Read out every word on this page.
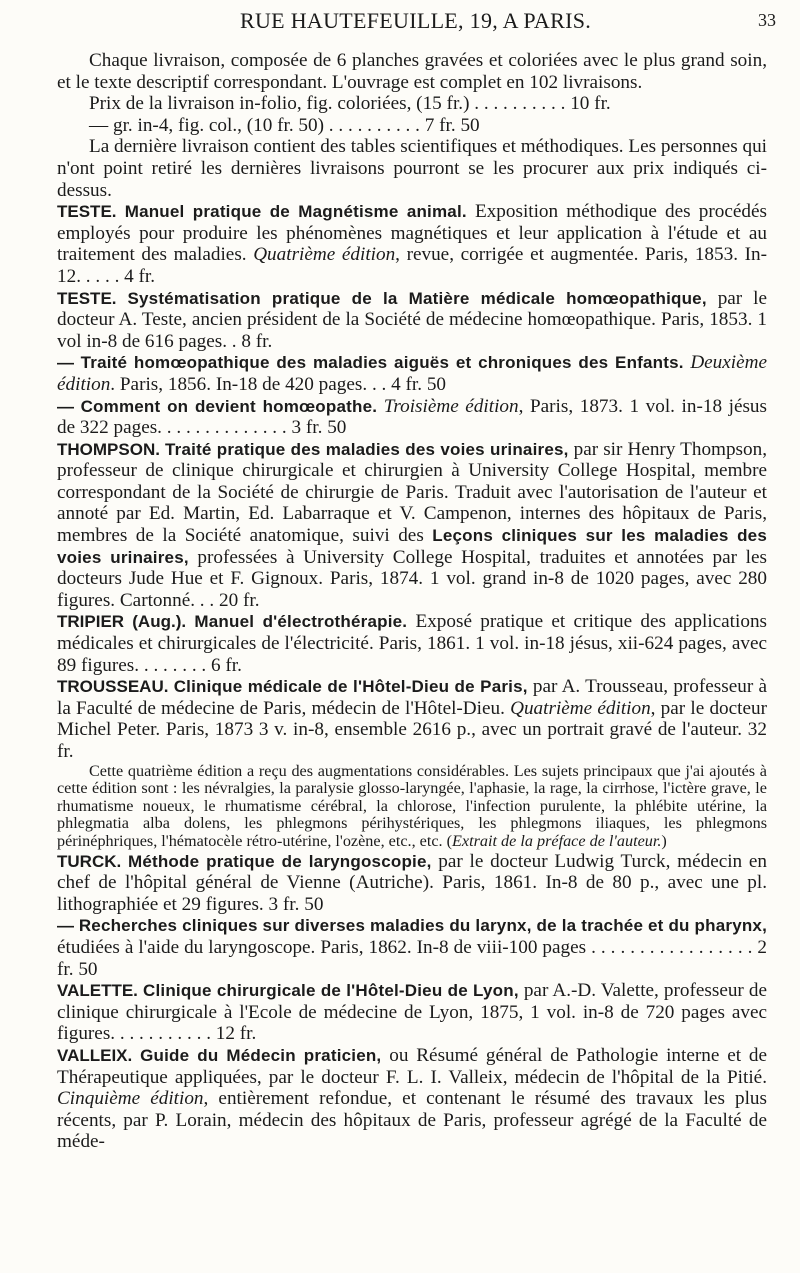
RUE HAUTEFEUILLE, 19, A PARIS.	33

Chaque livraison, composée de 6 planches gravées et coloriées avec le plus grand soin, et le texte descriptif correspondant. L'ouvrage est complet en 102 livraisons.

Prix de la livraison in-folio, fig. coloriées, (15 fr.) . . . . . . . . . . 10 fr.

— gr. in-4, fig. col., (10 fr. 50) . . . . . . . . . . 7 fr. 50

La dernière livraison contient des tables scientifiques et méthodiques. Les personnes qui n'ont point retiré les dernières livraisons pourront se les procurer aux prix indiqués ci-dessus.

TESTE. Manuel pratique de Magnétisme animal. Exposition méthodique des procédés employés pour produire les phénomènes magnétiques et leur application à l'étude et au traitement des maladies. Quatrième édition, revue, corrigée et augmentée. Paris, 1853. In-12. . . . . 4 fr.

TESTE. Systématisation pratique de la Matière médicale homœopathique, par le docteur A. Teste, ancien président de la Société de médecine homœopathique. Paris, 1853. 1 vol in-8 de 616 pages. . 8 fr.

— Traité homœopathique des maladies aiguës et chroniques des Enfants. Deuxième édition. Paris, 1856. In-18 de 420 pages. . . 4 fr. 50

— Comment on devient homœopathe. Troisième édition, Paris, 1873. 1 vol. in-18 jésus de 322 pages. . . . . . . . . . . . . . 3 fr. 50

THOMPSON. Traité pratique des maladies des voies urinaires, par sir Henry Thompson, professeur de clinique chirurgicale et chirurgien à University College Hospital, membre correspondant de la Société de chirurgie de Paris. Traduit avec l'autorisation de l'auteur et annoté par Ed. Martin, Ed. Labarraque et V. Campenon, internes des hôpitaux de Paris, membres de la Société anatomique, suivi des Leçons cliniques sur les maladies des voies urinaires, professées à University College Hospital, traduites et annotées par les docteurs Jude Hue et F. Gignoux. Paris, 1874. 1 vol. grand in-8 de 1020 pages, avec 280 figures. Cartonné. . . 20 fr.

TRIPIER (Aug.). Manuel d'électrothérapie. Exposé pratique et critique des applications médicales et chirurgicales de l'électricité. Paris, 1861. 1 vol. in-18 jésus, xii-624 pages, avec 89 figures. . . . . . . . 6 fr.

TROUSSEAU. Clinique médicale de l'Hôtel-Dieu de Paris, par A. Trousseau, professeur à la Faculté de médecine de Paris, médecin de l'Hôtel-Dieu. Quatrième édition, par le docteur Michel Peter. Paris, 1873 3 v. in-8, ensemble 2616 p., avec un portrait gravé de l'auteur. 32 fr.

Cette quatrième édition a reçu des augmentations considérables. Les sujets principaux que j'ai ajoutés à cette édition sont : les névralgies, la paralysie glosso-laryngée, l'aphasie, la rage, la cirrhose, l'ictère grave, le rhumatisme noueux, le rhumatisme cérébral, la chlorose, l'infection purulente, la phlébite utérine, la phlegmatia alba dolens, les phlegmons périhystériques, les phlegmons iliaques, les phlegmons périnéphriques, l'hématocèle rétro-utérine, l'ozène, etc., etc. (Extrait de la préface de l'auteur.)

TURCK. Méthode pratique de laryngoscopie, par le docteur Ludwig Turck, médecin en chef de l'hôpital général de Vienne (Autriche). Paris, 1861. In-8 de 80 p., avec une pl. lithographiée et 29 figures. 3 fr. 50

— Recherches cliniques sur diverses maladies du larynx, de la trachée et du pharynx, étudiées à l'aide du laryngoscope. Paris, 1862. In-8 de viii-100 pages . . . . . . . . . . . . . . . . . 2 fr. 50

VALETTE. Clinique chirurgicale de l'Hôtel-Dieu de Lyon, par A.-D. Valette, professeur de clinique chirurgicale à l'Ecole de médecine de Lyon, 1875, 1 vol. in-8 de 720 pages avec figures. . . . . . . . . . . 12 fr.

VALLEIX. Guide du Médecin praticien, ou Résumé général de Pathologie interne et de Thérapeutique appliquées, par le docteur F. L. I. Valleix, médecin de l'hôpital de la Pitié. Cinquième édition, entièrement refondue, et contenant le résumé des travaux les plus récents, par P. Lorain, médecin des hôpitaux de Paris, professeur agrégé de la Faculté de méde-
